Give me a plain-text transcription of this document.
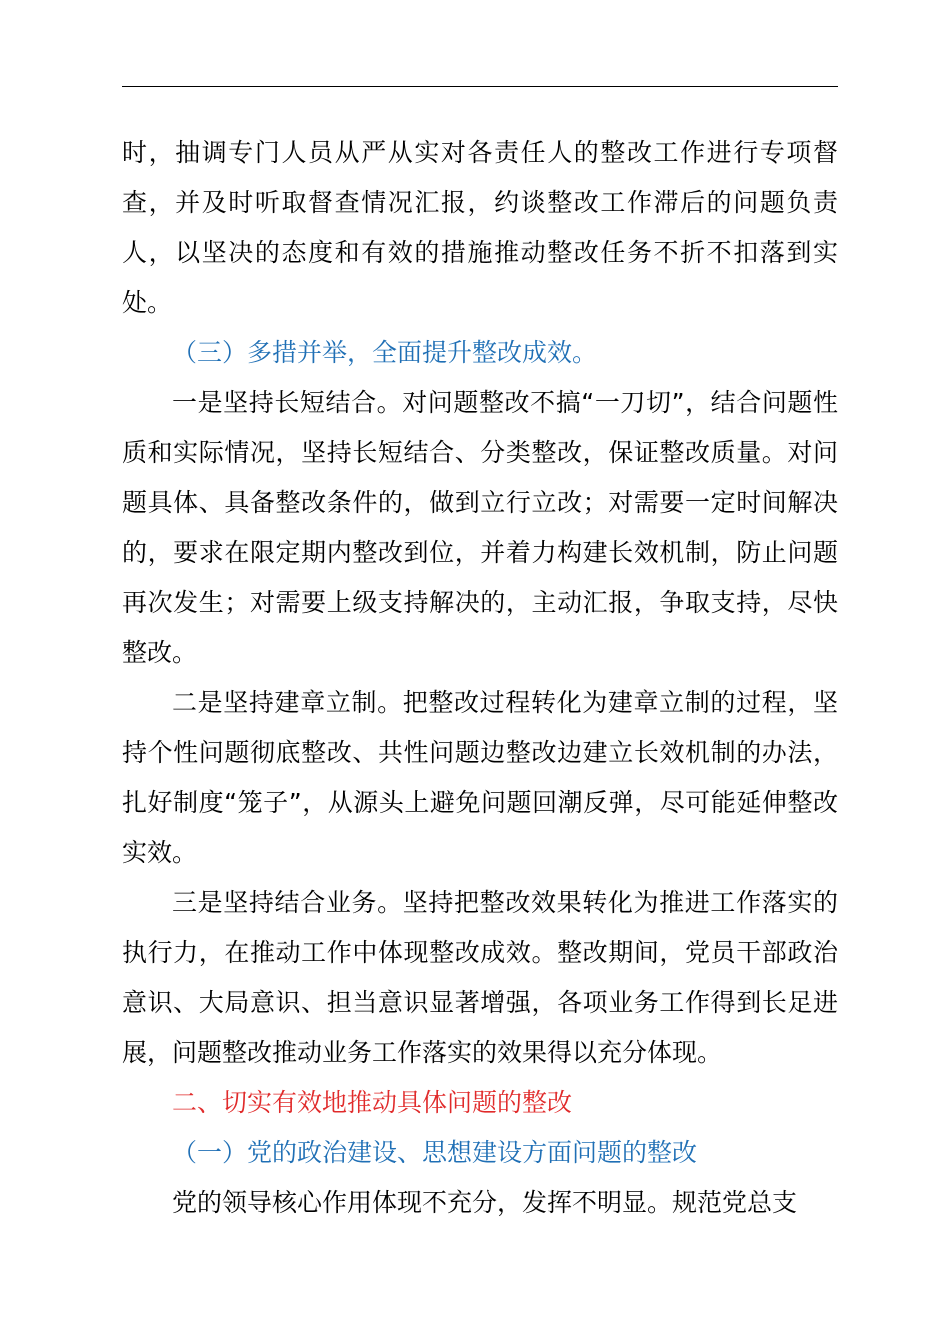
时，抽调专门人员从严从实对各责任人的整改工作进行专项督查，并及时听取督查情况汇报，约谈整改工作滞后的问题负责人，以坚决的态度和有效的措施推动整改任务不折不扣落到实处。

（三）多措并举，全面提升整改成效。

一是坚持长短结合。对问题整改不搞“一刀切”，结合问题性质和实际情况，坚持长短结合、分类整改，保证整改质量。对问题具体、具备整改条件的，做到立行立改；对需要一定时间解决的，要求在限定期内整改到位，并着力构建长效机制，防止问题再次发生；对需要上级支持解决的，主动汇报，争取支持，尽快整改。

二是坚持建章立制。把整改过程转化为建章立制的过程，坚持个性问题彻底整改、共性问题边整改边建立长效机制的办法，扎好制度“笼子”，从源头上避免问题回潮反弹，尽可能延伸整改实效。

三是坚持结合业务。坚持把整改效果转化为推进工作落实的执行力，在推动工作中体现整改成效。整改期间，党员干部政治意识、大局意识、担当意识显著增强，各项业务工作得到长足进展，问题整改推动业务工作落实的效果得以充分体现。

二、切实有效地推动具体问题的整改

（一）党的政治建设、思想建设方面问题的整改

党的领导核心作用体现不充分，发挥不明显。规范党总支
